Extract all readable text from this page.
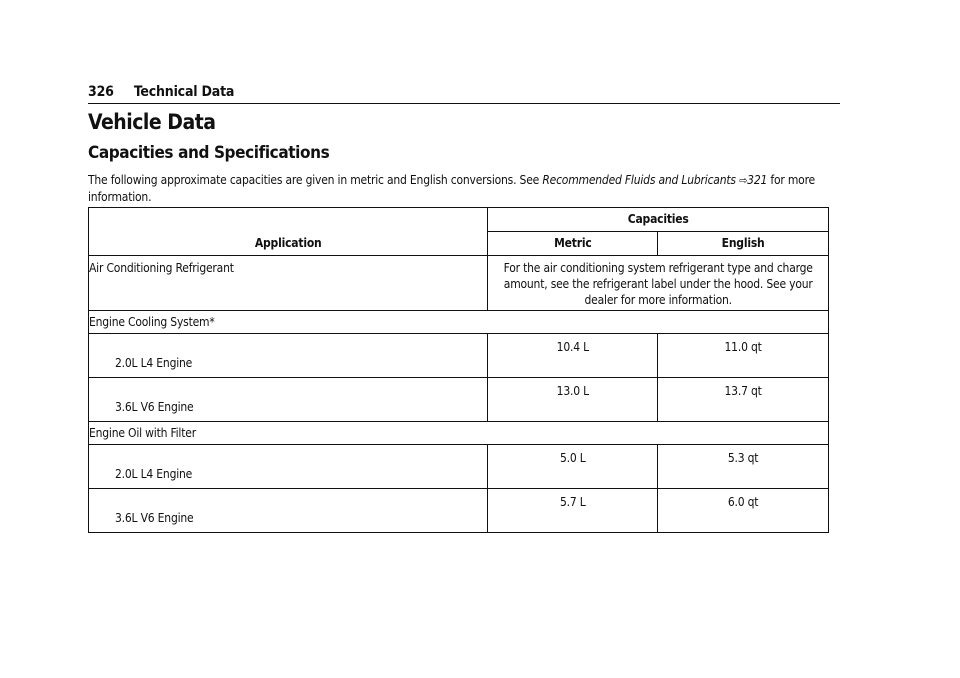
326 Technical Data
Vehicle Data
Capacities and Specifications

The following approximate capacities are given in metric and English conversions. See Recommended Fluids and Lubricants ⇨321 for more information.

Application	Capacities	

	Metric	English

Air Conditioning Refrigerant	For the air conditioning system refrigerant type and charge amount, see the refrigerant label under the hood. See your dealer for more information.	

Engine Cooling System*		

2.0L L4 Engine	10.4 L	11.0 qt

3.6L V6 Engine	13.0 L	13.7 qt

Engine Oil with Filter		

2.0L L4 Engine	5.0 L	5.3 qt

3.6L V6 Engine	5.7 L	6.0 qt
